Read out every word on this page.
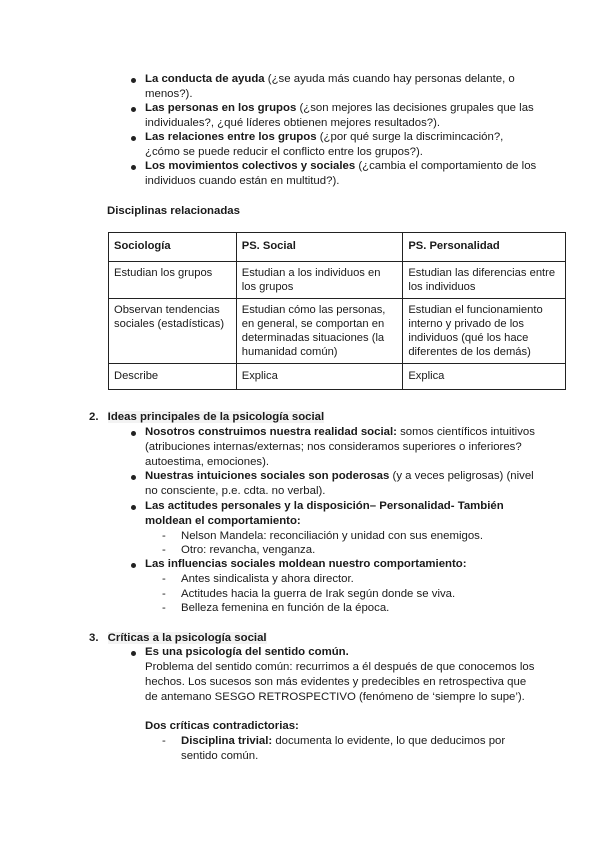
La conducta de ayuda (¿se ayuda más cuando hay personas delante, o
menos?).
Las personas en los grupos (¿son mejores las decisiones grupales que las
individuales?, ¿qué líderes obtienen mejores resultados?).
Las relaciones entre los grupos (¿por qué surge la discrimincación?,
¿cómo se puede reducir el conflicto entre los grupos?).
Los movimientos colectivos y sociales (¿cambia el comportamiento de los
individuos cuando están en multitud?).
Disciplinas relacionadas
Sociología	PS. Social	PS. Personalidad
Estudian los grupos	Estudian a los individuos en los grupos	Estudian las diferencias entre los individuos
Observan tendencias sociales (estadísticas)	Estudian cómo las personas, en general, se comportan en determinadas situaciones (la humanidad común)	Estudian el funcionamiento interno y privado de los individuos (qué los hace diferentes de los demás)
Describe	Explica	Explica
2. Ideas principales de la psicología social
Nosotros construimos nuestra realidad social: somos científicos intuitivos
(atribuciones internas/externas; nos consideramos superiores o inferiores?
autoestima, emociones).
Nuestras intuiciones sociales son poderosas (y a veces peligrosas) (nivel
no consciente, p.e. cdta. no verbal).
Las actitudes personales y la disposición– Personalidad- También
moldean el comportamiento:
- Nelson Mandela: reconciliación y unidad con sus enemigos.
- Otro: revancha, venganza.
Las influencias sociales moldean nuestro comportamiento:
- Antes sindicalista y ahora director.
- Actitudes hacia la guerra de Irak según donde se viva.
- Belleza femenina en función de la época.
3. Críticas a la psicología social
Es una psicología del sentido común.
Problema del sentido común: recurrimos a él después de que conocemos los
hechos. Los sucesos son más evidentes y predecibles en retrospectiva que
de antemano SESGO RETROSPECTIVO (fenómeno de ‘siempre lo supe’).
Dos críticas contradictorias:
- Disciplina trivial: documenta lo evidente, lo que deducimos por
sentido común.
